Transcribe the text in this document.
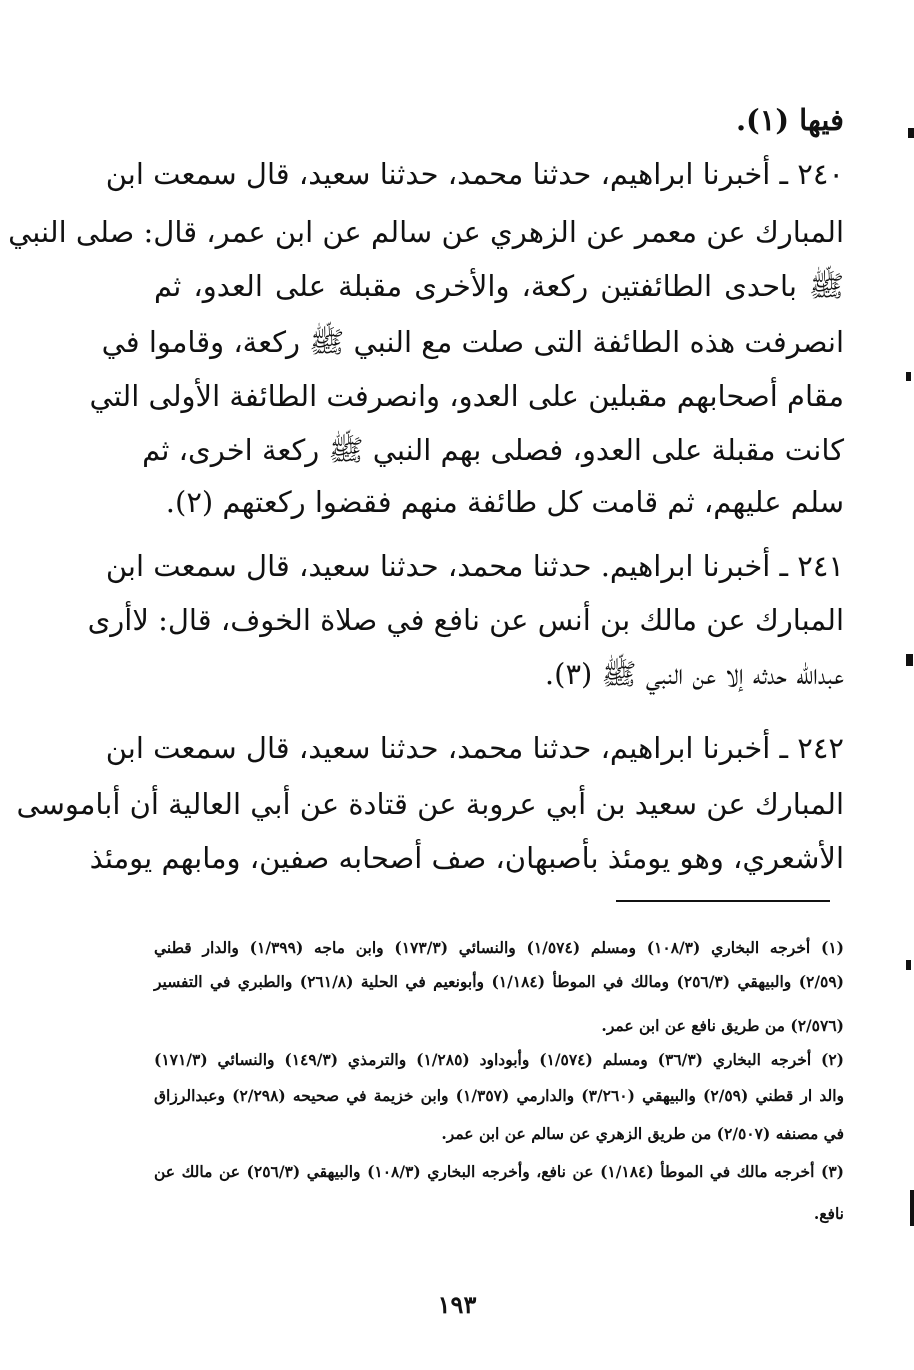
فيها (١).
٢٤٠ ـ أخبرنا ابراهيم، حدثنا محمد، حدثنا سعيد، قال سمعت ابن
المبارك عن معمر عن الزهري عن سالم عن ابن عمر، قال: صلى النبي
ﷺ باحدى الطائفتين ركعة، والأخرى مقبلة على العدو، ثم
انصرفت هذه الطائفة التى صلت مع النبي ﷺ ركعة، وقاموا في
مقام أصحابهم مقبلين على العدو، وانصرفت الطائفة الأولى التي
كانت مقبلة على العدو، فصلى بهم النبي ﷺ ركعة اخرى، ثم
سلم عليهم، ثم قامت كل طائفة منهم فقضوا ركعتهم (٢).
٢٤١ ـ أخبرنا ابراهيم. حدثنا محمد، حدثنا سعيد، قال سمعت ابن
المبارك عن مالك بن أنس عن نافع في صلاة الخوف، قال: لاأرى
عبدالله حدثه إلا عن النبي ﷺ (٣).
٢٤٢ ـ أخبرنا ابراهيم، حدثنا محمد، حدثنا سعيد، قال سمعت ابن
المبارك عن سعيد بن أبي عروبة عن قتادة عن أبي العالية أن أباموسى
الأشعري، وهو يومئذ بأصبهان، صف أصحابه صفين، ومابهم يومئذ
(١) أخرجه البخاري (١٠٨/٣) ومسلم (١/٥٧٤) والنسائي (١٧٣/٣) وابن ماجه (١/٣٩٩) والدار قطني
(٢/٥٩) والبيهقي (٢٥٦/٣) ومالك في الموطأ (١/١٨٤) وأبونعيم في الحلية (٢٦١/٨) والطبري في التفسير
(٢/٥٧٦) من طريق نافع عن ابن عمر.
(٢) أخرجه البخاري (٣٦/٣) ومسلم (١/٥٧٤) وأبوداود (١/٢٨٥) والترمذي (١٤٩/٣) والنسائي (١٧١/٣)
والد ار قطني (٢/٥٩) والبيهقي (٣/٢٦٠) والدارمي (١/٣٥٧) وابن خزيمة في صحيحه (٢/٢٩٨) وعبدالرزاق
في مصنفه (٢/٥٠٧) من طريق الزهري عن سالم عن ابن عمر.
(٣) أخرجه مالك في الموطأ (١/١٨٤) عن نافع، وأخرجه البخاري (١٠٨/٣) والبيهقي (٢٥٦/٣) عن مالك عن
نافع.
١٩٣
